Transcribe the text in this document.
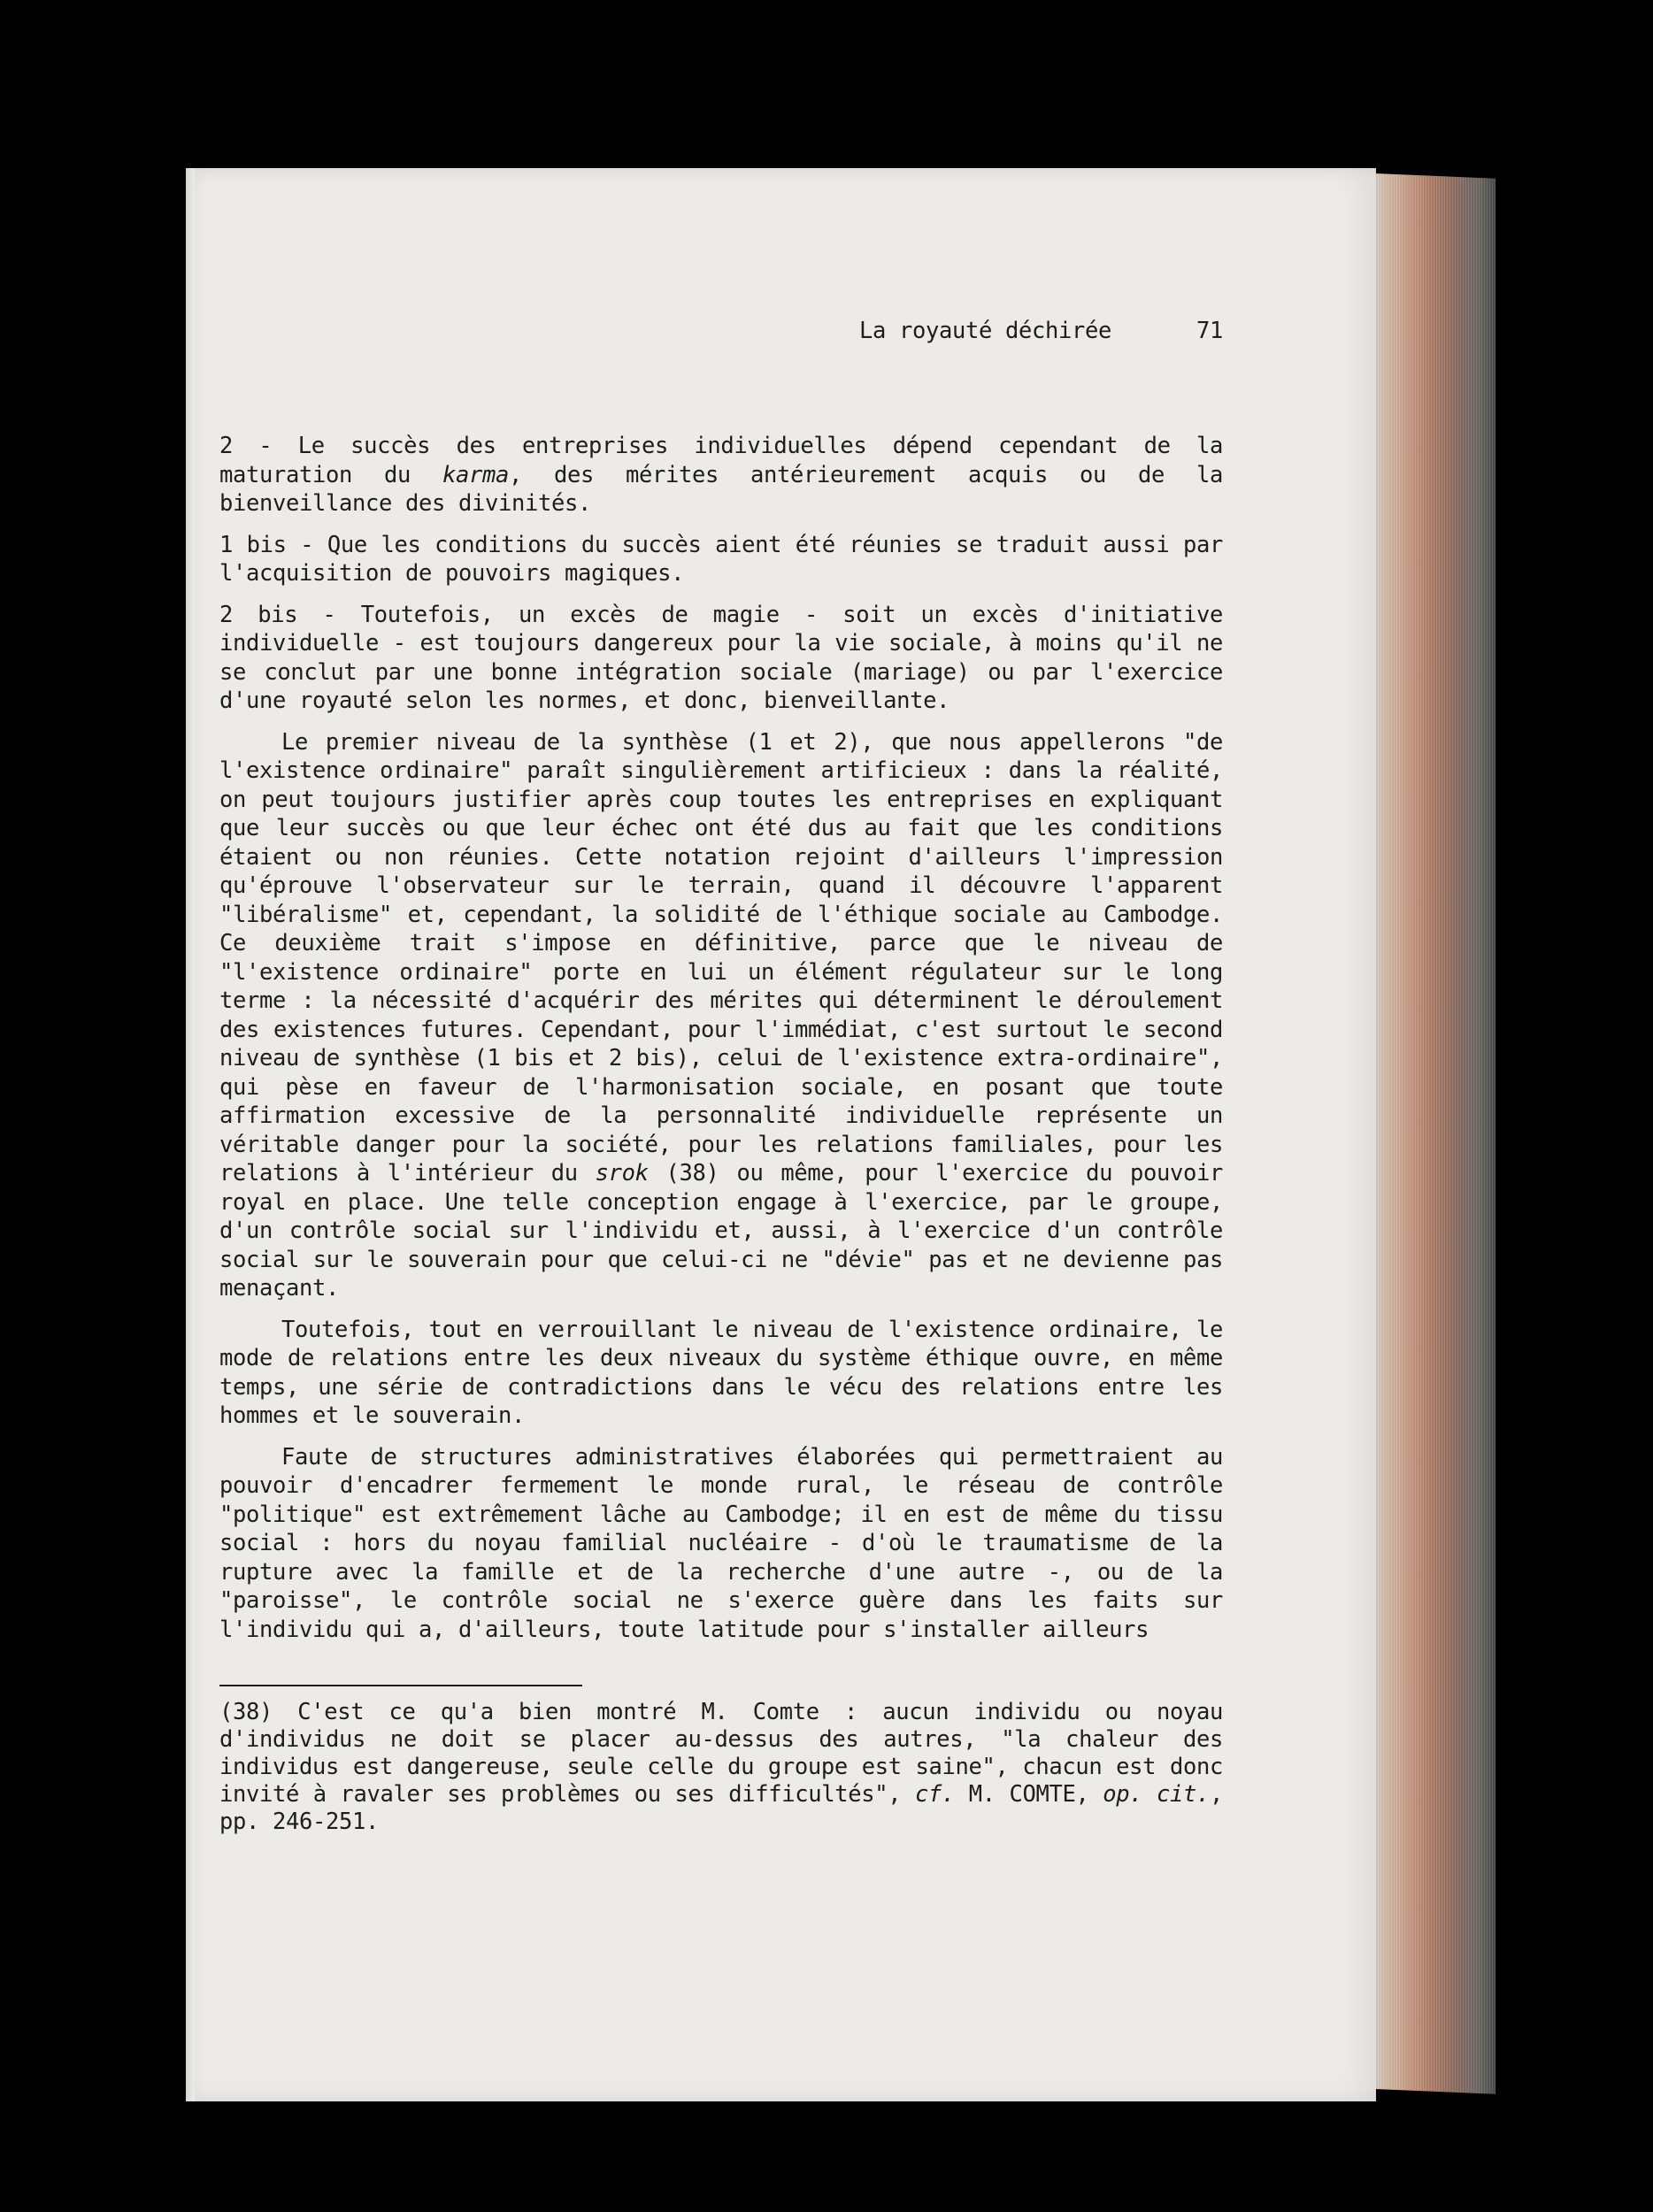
La royauté déchirée	71

2 - Le succès des entreprises individuelles dépend cependant de la maturation du karma, des mérites antérieurement acquis ou de la bienveillance des divinités.

1 bis - Que les conditions du succès aient été réunies se traduit aussi par l'acquisition de pouvoirs magiques.

2 bis - Toutefois, un excès de magie - soit un excès d'initiative individuelle - est toujours dangereux pour la vie sociale, à moins qu'il ne se conclut par une bonne intégration sociale (mariage) ou par l'exercice d'une royauté selon les normes, et donc, bienveillante.

Le premier niveau de la synthèse (1 et 2), que nous appellerons "de l'existence ordinaire" paraît singulièrement artificieux : dans la réalité, on peut toujours justifier après coup toutes les entreprises en expliquant que leur succès ou que leur échec ont été dus au fait que les conditions étaient ou non réunies. Cette notation rejoint d'ailleurs l'impression qu'éprouve l'observateur sur le terrain, quand il découvre l'apparent "libéralisme" et, cependant, la solidité de l'éthique sociale au Cambodge. Ce deuxième trait s'impose en définitive, parce que le niveau de "l'existence ordinaire" porte en lui un élément régulateur sur le long terme : la nécessité d'acquérir des mérites qui déterminent le déroulement des existences futures. Cependant, pour l'immédiat, c'est surtout le second niveau de synthèse (1 bis et 2 bis), celui de l'existence extra-ordinaire", qui pèse en faveur de l'harmonisation sociale, en posant que toute affirmation excessive de la personnalité individuelle représente un véritable danger pour la société, pour les relations familiales, pour les relations à l'intérieur du srok (38) ou même, pour l'exercice du pouvoir royal en place. Une telle conception engage à l'exercice, par le groupe, d'un contrôle social sur l'individu et, aussi, à l'exercice d'un contrôle social sur le souverain pour que celui-ci ne "dévie" pas et ne devienne pas menaçant.

Toutefois, tout en verrouillant le niveau de l'existence ordinaire, le mode de relations entre les deux niveaux du système éthique ouvre, en même temps, une série de contradictions dans le vécu des relations entre les hommes et le souverain.

Faute de structures administratives élaborées qui permettraient au pouvoir d'encadrer fermement le monde rural, le réseau de contrôle "politique" est extrêmement lâche au Cambodge; il en est de même du tissu social : hors du noyau familial nucléaire - d'où le traumatisme de la rupture avec la famille et de la recherche d'une autre -, ou de la "paroisse", le contrôle social ne s'exerce guère dans les faits sur l'individu qui a, d'ailleurs, toute latitude pour s'installer ailleurs

(38) C'est ce qu'a bien montré M. Comte : aucun individu ou noyau d'individus ne doit se placer au-dessus des autres, "la chaleur des individus est dangereuse, seule celle du groupe est saine", chacun est donc invité à ravaler ses problèmes ou ses difficultés", cf. M. COMTE, op. cit., pp. 246-251.
